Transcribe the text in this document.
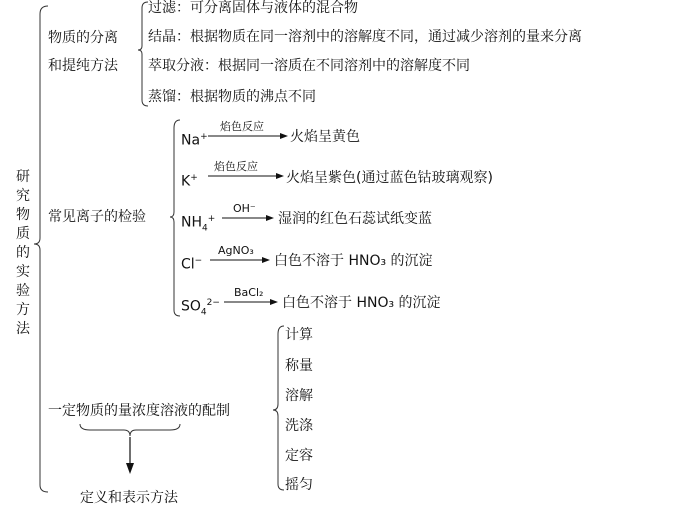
研究物质的实验方法
物质的分离
和提纯方法
过滤：可分离固体与液体的混合物
结晶：根据物质在同一溶剂中的溶解度不同，通过减少溶剂的量来分离
萃取分液：根据同一溶质在不同溶剂中的溶解度不同
蒸馏：根据物质的沸点不同
常见离子的检验
Na+
焰色反应
火焰呈黄色
K+
焰色反应
火焰呈紫色(通过蓝色钴玻璃观察)
$NH_4^+$
OH⁻
湿润的红色石蕊试纸变蓝
Cl−
AgNO₃
白色不溶于 HNO₃ 的沉淀
$SO_4^{2-}$
BaCl₂
白色不溶于 HNO₃ 的沉淀
一定物质的量浓度溶液的配制
计算
称量
溶解
洗涤
定容
摇匀
定义和表示方法
